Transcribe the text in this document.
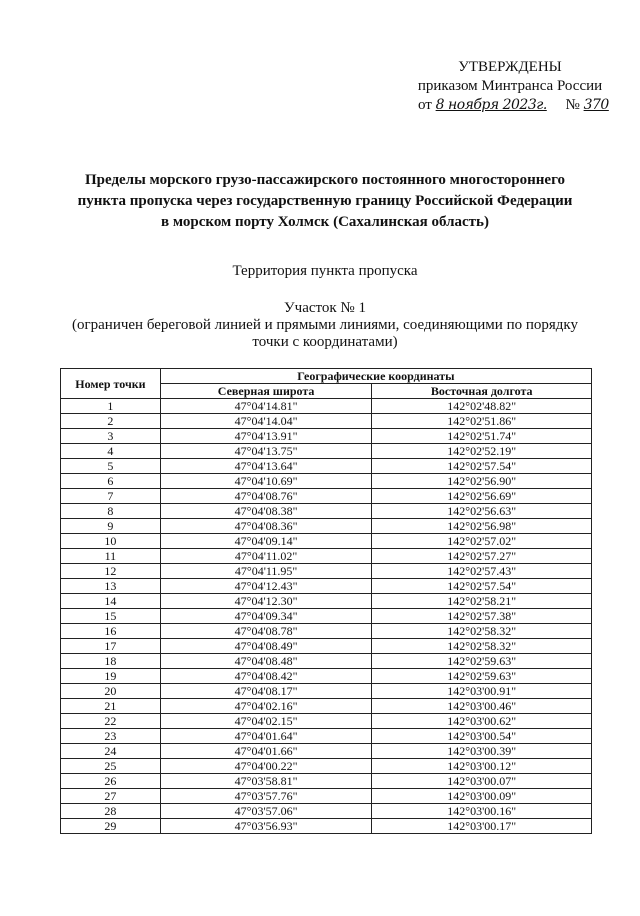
УТВЕРЖДЕНЫ
приказом Минтранса России
от 8 ноября 2023г. № 370
Пределы морского грузо-пассажирского постоянного многостороннего
пункта пропуска через государственную границу Российской Федерации
в морском порту Холмск (Сахалинская область)
Территория пункта пропуска
Участок № 1
(ограничен береговой линией и прямыми линиями, соединяющими по порядку
точки с координатами)
Номер точки	Географические координаты	
	Северная широта	Восточная долгота
1	47°04'14.81"	142°02'48.82"
2	47°04'14.04"	142°02'51.86"
3	47°04'13.91"	142°02'51.74"
4	47°04'13.75"	142°02'52.19"
5	47°04'13.64"	142°02'57.54"
6	47°04'10.69"	142°02'56.90"
7	47°04'08.76"	142°02'56.69"
8	47°04'08.38"	142°02'56.63"
9	47°04'08.36"	142°02'56.98"
10	47°04'09.14"	142°02'57.02"
11	47°04'11.02"	142°02'57.27"
12	47°04'11.95"	142°02'57.43"
13	47°04'12.43"	142°02'57.54"
14	47°04'12.30"	142°02'58.21"
15	47°04'09.34"	142°02'57.38"
16	47°04'08.78"	142°02'58.32"
17	47°04'08.49"	142°02'58.32"
18	47°04'08.48"	142°02'59.63"
19	47°04'08.42"	142°02'59.63"
20	47°04'08.17"	142°03'00.91"
21	47°04'02.16"	142°03'00.46"
22	47°04'02.15"	142°03'00.62"
23	47°04'01.64"	142°03'00.54"
24	47°04'01.66"	142°03'00.39"
25	47°04'00.22"	142°03'00.12"
26	47°03'58.81"	142°03'00.07"
27	47°03'57.76"	142°03'00.09"
28	47°03'57.06"	142°03'00.16"
29	47°03'56.93"	142°03'00.17"
